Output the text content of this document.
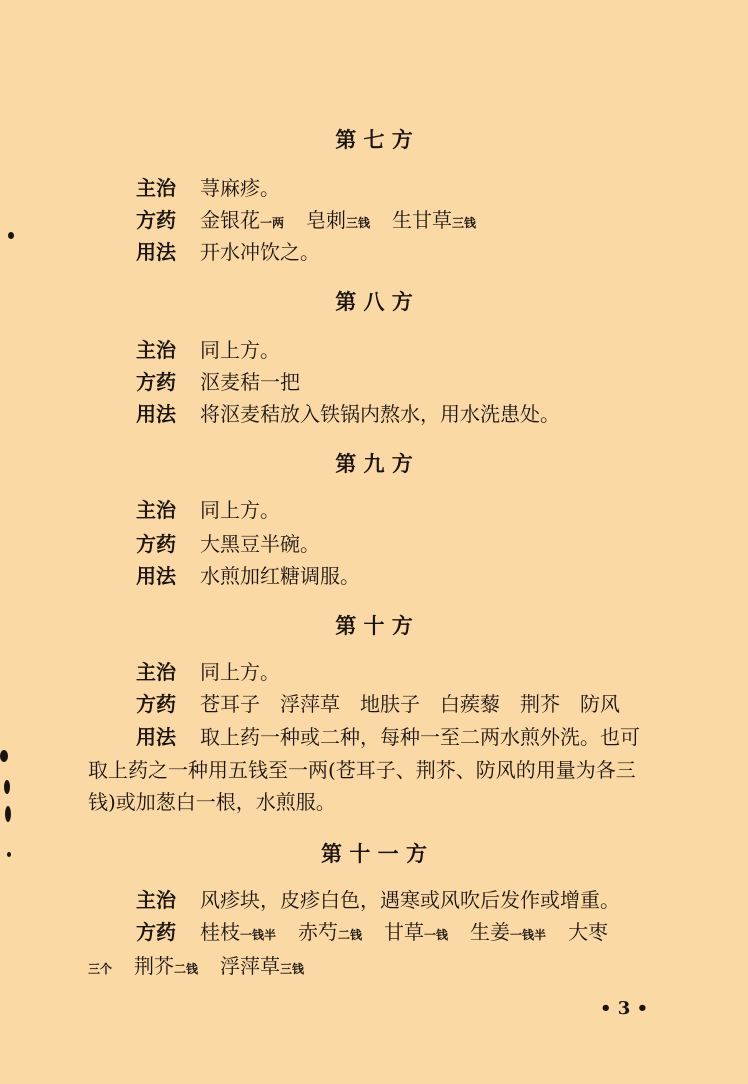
第 七 方
主治 荨麻疹。
方药 金银花一两 皂刺三钱 生甘草三钱
用法 开水冲饮之。
第 八 方
主治 同上方。
方药 沤麦秸一把
用法 将沤麦秸放入铁锅内熬水，用水洗患处。
第 九 方
主治 同上方。
方药 大黑豆半碗。
用法 水煎加红糖调服。
第 十 方
主治 同上方。
方药 苍耳子　浮萍草　地肤子　白蒺藜　荆芥　防风
用法 取上药一种或二种，每种一至二两水煎外洗。也可
取上药之一种用五钱至一两(苍耳子、荆芥、防风的用量为各三
钱)或加葱白一根，水煎服。
第 十 一 方
主治 风疹块，皮疹白色，遇寒或风吹后发作或增重。
方药 桂枝一钱半 赤芍二钱 甘草一钱 生姜一钱半 大枣
三个 荆芥二钱 浮萍草三钱
• 3 •
